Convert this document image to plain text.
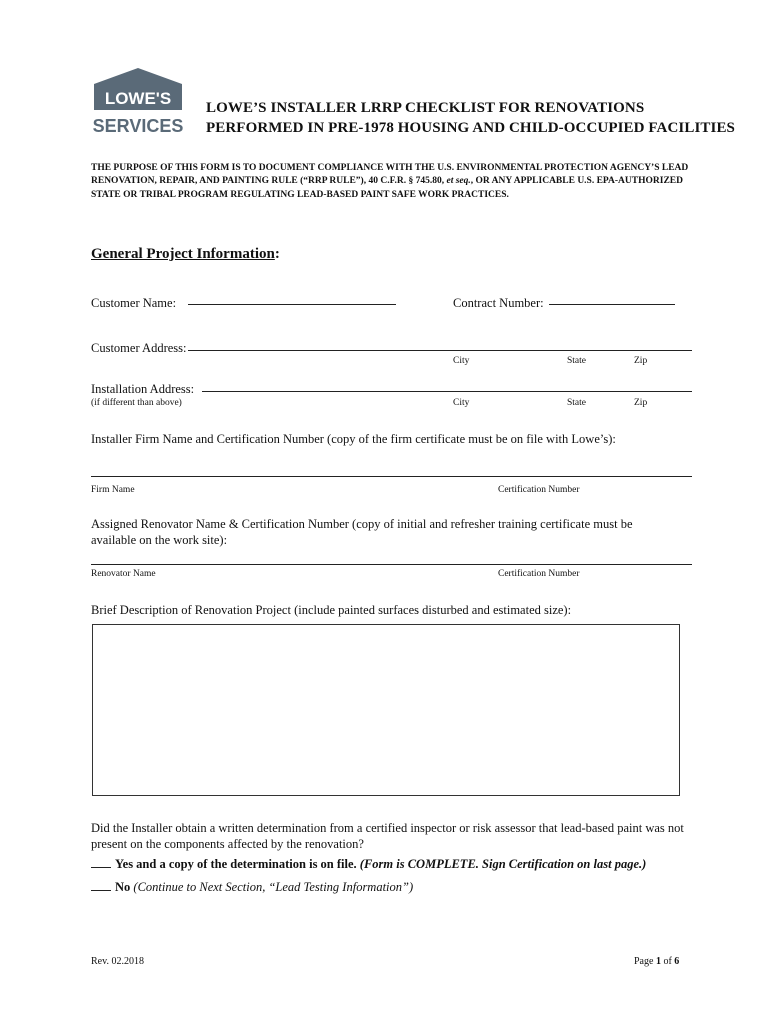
LOWE'S
SERVICES
LOWE’S INSTALLER LRRP CHECKLIST FOR RENOVATIONS
PERFORMED IN PRE-1978 HOUSING AND CHILD-OCCUPIED FACILITIES
THE PURPOSE OF THIS FORM IS TO DOCUMENT COMPLIANCE WITH THE U.S. ENVIRONMENTAL PROTECTION AGENCY’S LEAD RENOVATION, REPAIR, AND PAINTING RULE (“RRP RULE”), 40 C.F.R. § 745.80, et seq., OR ANY APPLICABLE U.S. EPA-AUTHORIZED STATE OR TRIBAL PROGRAM REGULATING LEAD-BASED PAINT SAFE WORK PRACTICES.
General Project Information:
Customer Name:	Contract Number:
Customer Address:
City	State	Zip
Installation Address:
(if different than above)	City	State	Zip
Installer Firm Name and Certification Number (copy of the firm certificate must be on file with Lowe’s):
Firm Name	Certification Number
Assigned Renovator Name & Certification Number (copy of initial and refresher training certificate must be
available on the work site):
Renovator Name	Certification Number
Brief Description of Renovation Project (include painted surfaces disturbed and estimated size):
Did the Installer obtain a written determination from a certified inspector or risk assessor that lead-based paint was not present on the components affected by the renovation?
Yes and a copy of the determination is on file. (Form is COMPLETE. Sign Certification on last page.)
No (Continue to Next Section, “Lead Testing Information”)
Rev. 02.2018	Page 1 of 6
